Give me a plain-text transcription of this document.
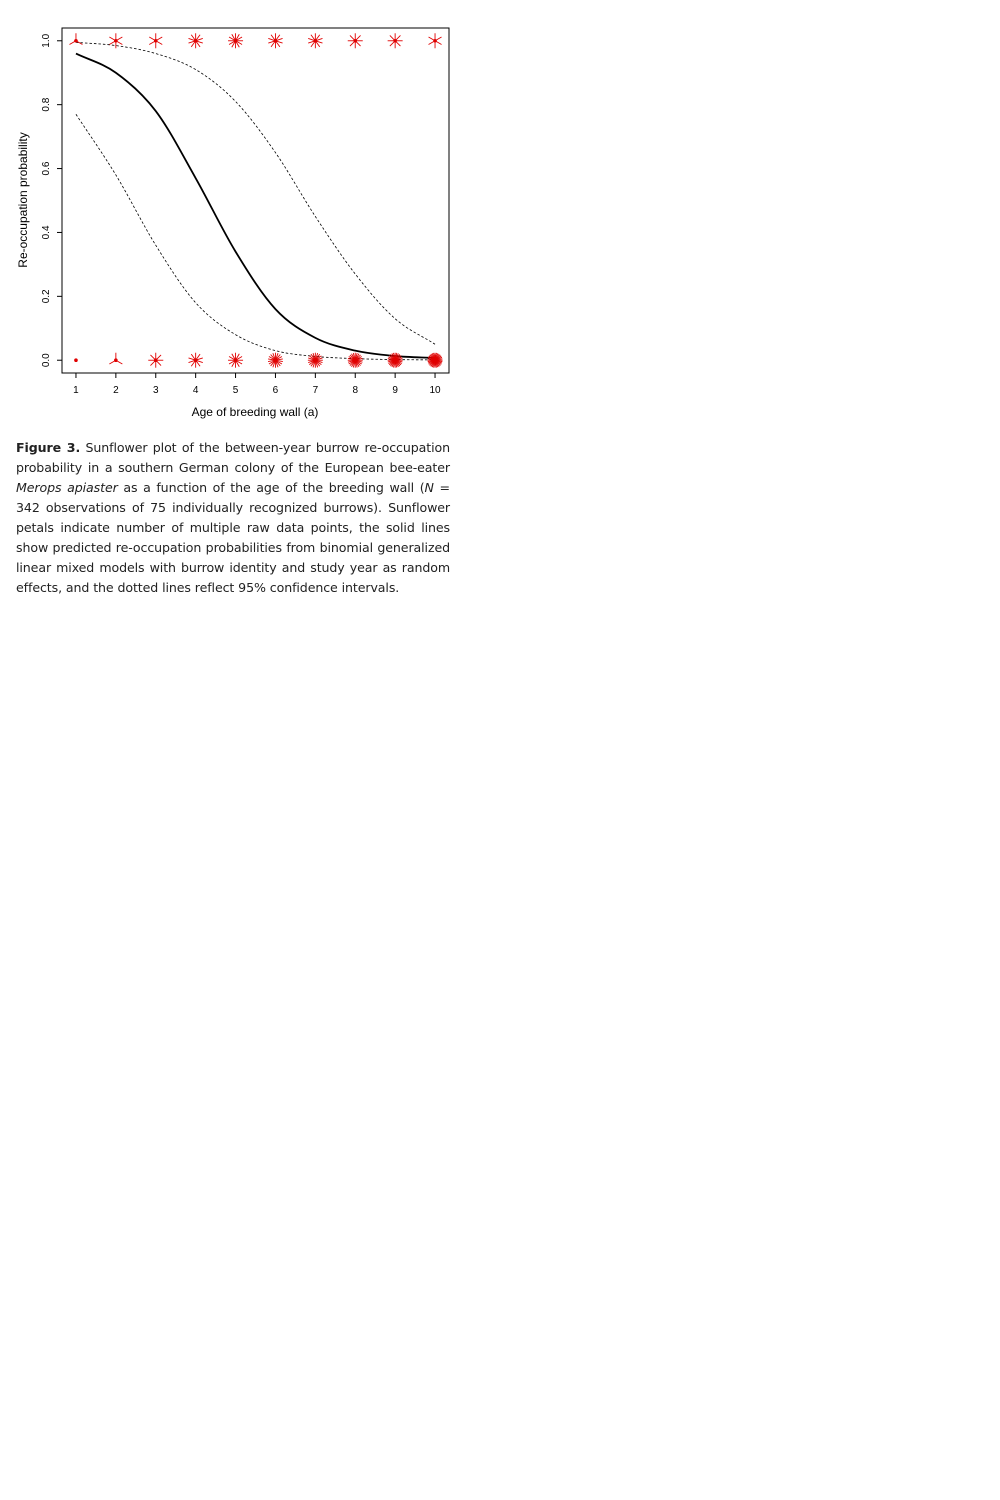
0.0
0.2
0.4
0.6
0.8
1.0
1	2	3	4	5	6	7	8	9	10
Re-occupation probability
Age of breeding wall (a)
Figure 3. Sunflower plot of the between-year burrow re-occupation probability in a southern German colony of the European bee-eater Merops apiaster as a function of the age of the breeding wall (N = 342 observations of 75 individually recognized burrows). Sunflower petals indicate number of multiple raw data points, the solid lines show predicted re-occupation probabilities from binomial generalized linear mixed models with burrow identity and study year as random effects, and the dotted lines reflect 95% confidence intervals.
